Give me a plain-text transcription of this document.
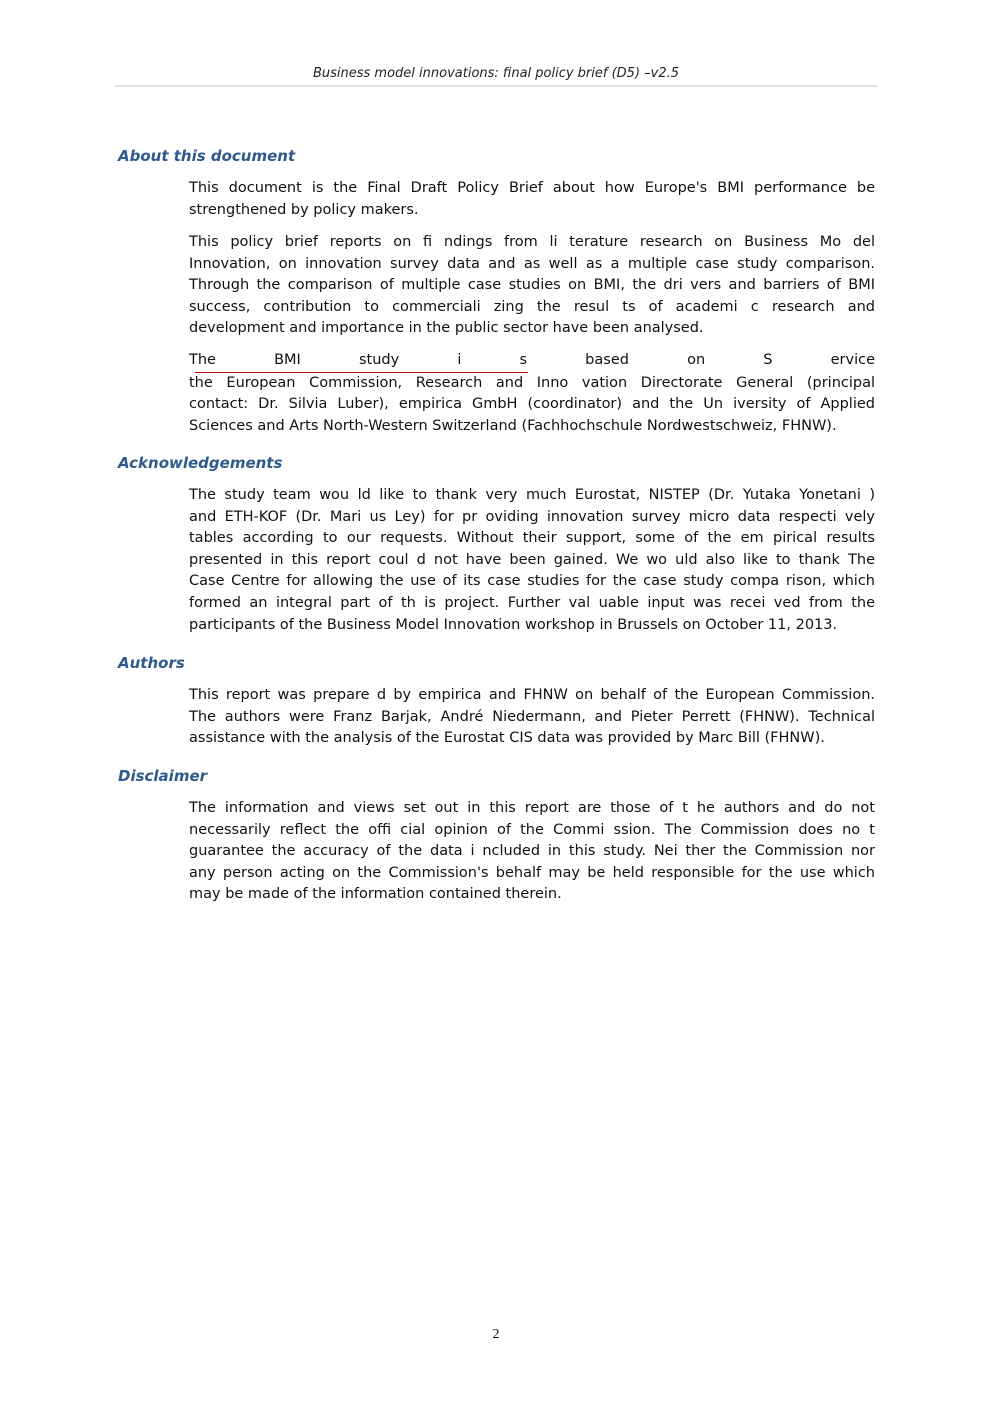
Business model innovations: final policy brief (D5) –v2.5
About this document
This document is the Final Draft Policy Brief about how Europe's BMI performance be
strengthened by policy makers.
This policy brief reports on fi ndings from li terature research on Business Mo del
Innovation, on innovation survey data and as well as a multiple case study comparison.
Through the comparison of multiple case studies on BMI, the dri vers and barriers of BMI
success, contribution to commerciali zing the resul ts of academi c research and
development and importance in the public sector have been analysed.
The BMI study i s based on S ervice
the European Commission, Research and Inno vation Directorate General (principal
contact: Dr. Silvia Luber), empirica GmbH (coordinator) and the Un iversity of Applied
Sciences and Arts North-Western Switzerland (Fachhochschule Nordwestschweiz, FHNW).
Acknowledgements
The study team wou ld like to thank very much Eurostat, NISTEP (Dr. Yutaka Yonetani )
and ETH-KOF (Dr. Mari us Ley) for pr oviding innovation survey micro data respecti vely
tables according to our requests. Without their support, some of the em pirical results
presented in this report coul d not have been gained. We wo uld also like to thank The
Case Centre for allowing the use of its case studies for the case study compa rison, which
formed an integral part of th is project. Further val uable input was recei ved from the
participants of the Business Model Innovation workshop in Brussels on October 11, 2013.
Authors
This report was prepare d by empirica and FHNW on behalf of the European Commission.
The authors were Franz Barjak, André Niedermann, and Pieter Perrett (FHNW). Technical
assistance with the analysis of the Eurostat CIS data was provided by Marc Bill (FHNW).
Disclaimer
The information and views set out in this report are those of t he authors and do not
necessarily reflect the offi cial opinion of the Commi ssion. The Commission does no t
guarantee the accuracy of the data i ncluded in this study. Nei ther the Commission nor
any person acting on the Commission's behalf may be held responsible for the use which
may be made of the information contained therein.
2
